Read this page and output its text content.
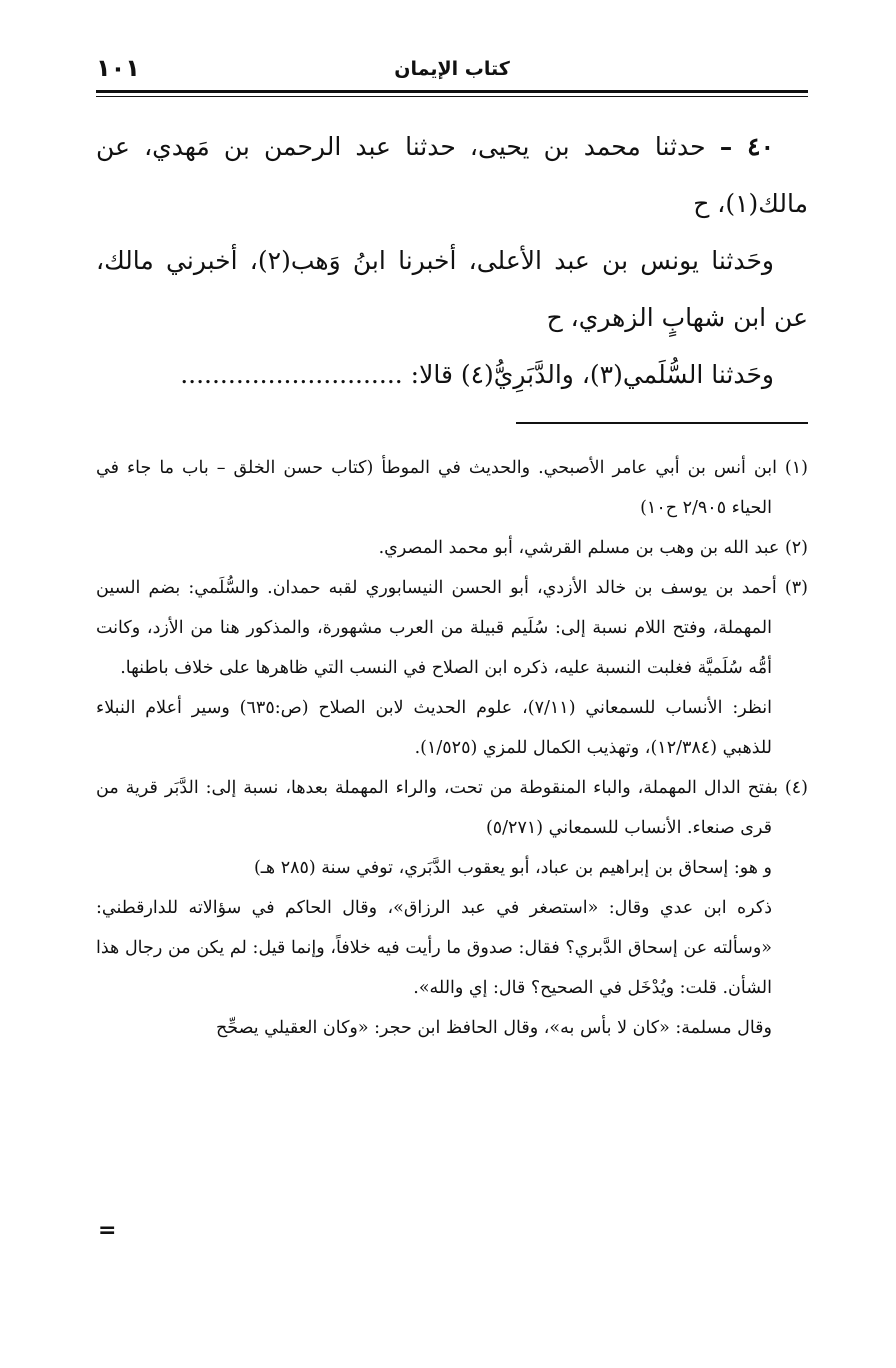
كتاب الإيمان
١٠١

٤٠ – حدثنا محمد بن يحيى، حدثنا عبد الرحمن بن مَهدي، عن مالك(١)، ح

وحَدثنا يونس بن عبد الأعلى، أخبرنا ابنُ وَهب(٢)، أخبرني مالك، عن ابن شهابٍ الزهري، ح

وحَدثنا السُّلَمي(٣)، والدَّبَرِيُّ(٤) قالا: ............................

(١) ابن أنس بن أبي عامر الأصبحي. والحديث في الموطأ (كتاب حسن الخلق – باب ما جاء في الحياء ٢/٩٠٥ ح١٠)

(٢) عبد الله بن وهب بن مسلم القرشي، أبو محمد المصري.

(٣) أحمد بن يوسف بن خالد الأزدي، أبو الحسن النيسابوري لقبه حمدان. والسُّلَمي: بضم السين المهملة، وفتح اللام نسبة إلى: سُلَيم قبيلة من العرب مشهورة، والمذكور هنا من الأزد، وكانت أمُّه سُلَميَّة فغلبت النسبة عليه، ذكره ابن الصلاح في النسب التي ظاهرها على خلاف باطنها.

انظر: الأنساب للسمعاني (٧/١١)، علوم الحديث لابن الصلاح (ص:٦٣٥) وسير أعلام النبلاء للذهبي (١٢/٣٨٤)، وتهذيب الكمال للمزي (١/٥٢٥).

(٤) بفتح الدال المهملة، والباء المنقوطة من تحت، والراء المهملة بعدها، نسبة إلى: الدَّبَر قرية من قرى صنعاء. الأنساب للسمعاني (٥/٢٧١)

و هو: إسحاق بن إبراهيم بن عباد، أبو يعقوب الدَّبَري، توفي سنة (٢٨٥ هـ)

ذكره ابن عدي وقال: «استصغر في عبد الرزاق»، وقال الحاكم في سؤالاته للدارقطني: «وسألته عن إسحاق الدَّبري؟ فقال: صدوق ما رأيت فيه خلافاً، وإنما قيل: لم يكن من رجال هذا الشأن. قلت: ويُدْخَل في الصحيح؟ قال: إي والله».

وقال مسلمة: «كان لا بأس به»، وقال الحافظ ابن حجر: «وكان العقيلي يصحِّح

=
